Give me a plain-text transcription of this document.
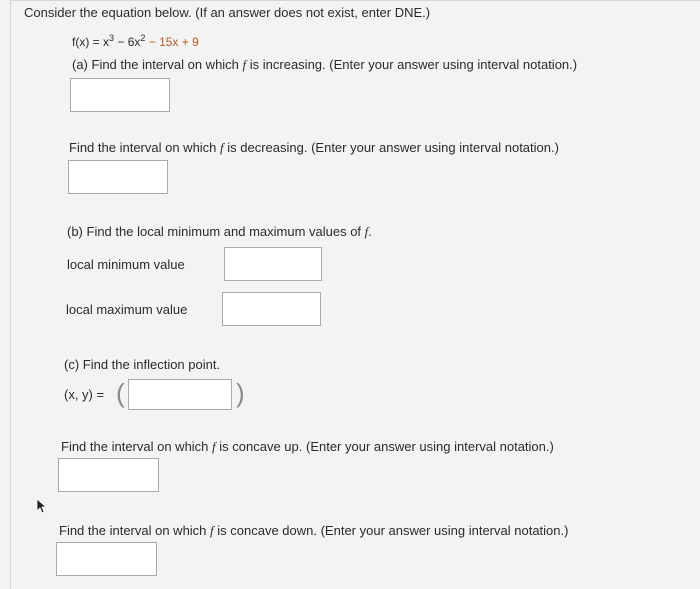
Consider the equation below. (If an answer does not exist, enter DNE.)
$f(x) = x^3 - 6x^2 - 15x + 9$
(a) Find the interval on which f is increasing. (Enter your answer using interval notation.)
Find the interval on which f is decreasing. (Enter your answer using interval notation.)
(b) Find the local minimum and maximum values of f.
local minimum value
local maximum value
(c) Find the inflection point.
(x, y) = (	)
Find the interval on which f is concave up. (Enter your answer using interval notation.)
Find the interval on which f is concave down. (Enter your answer using interval notation.)
